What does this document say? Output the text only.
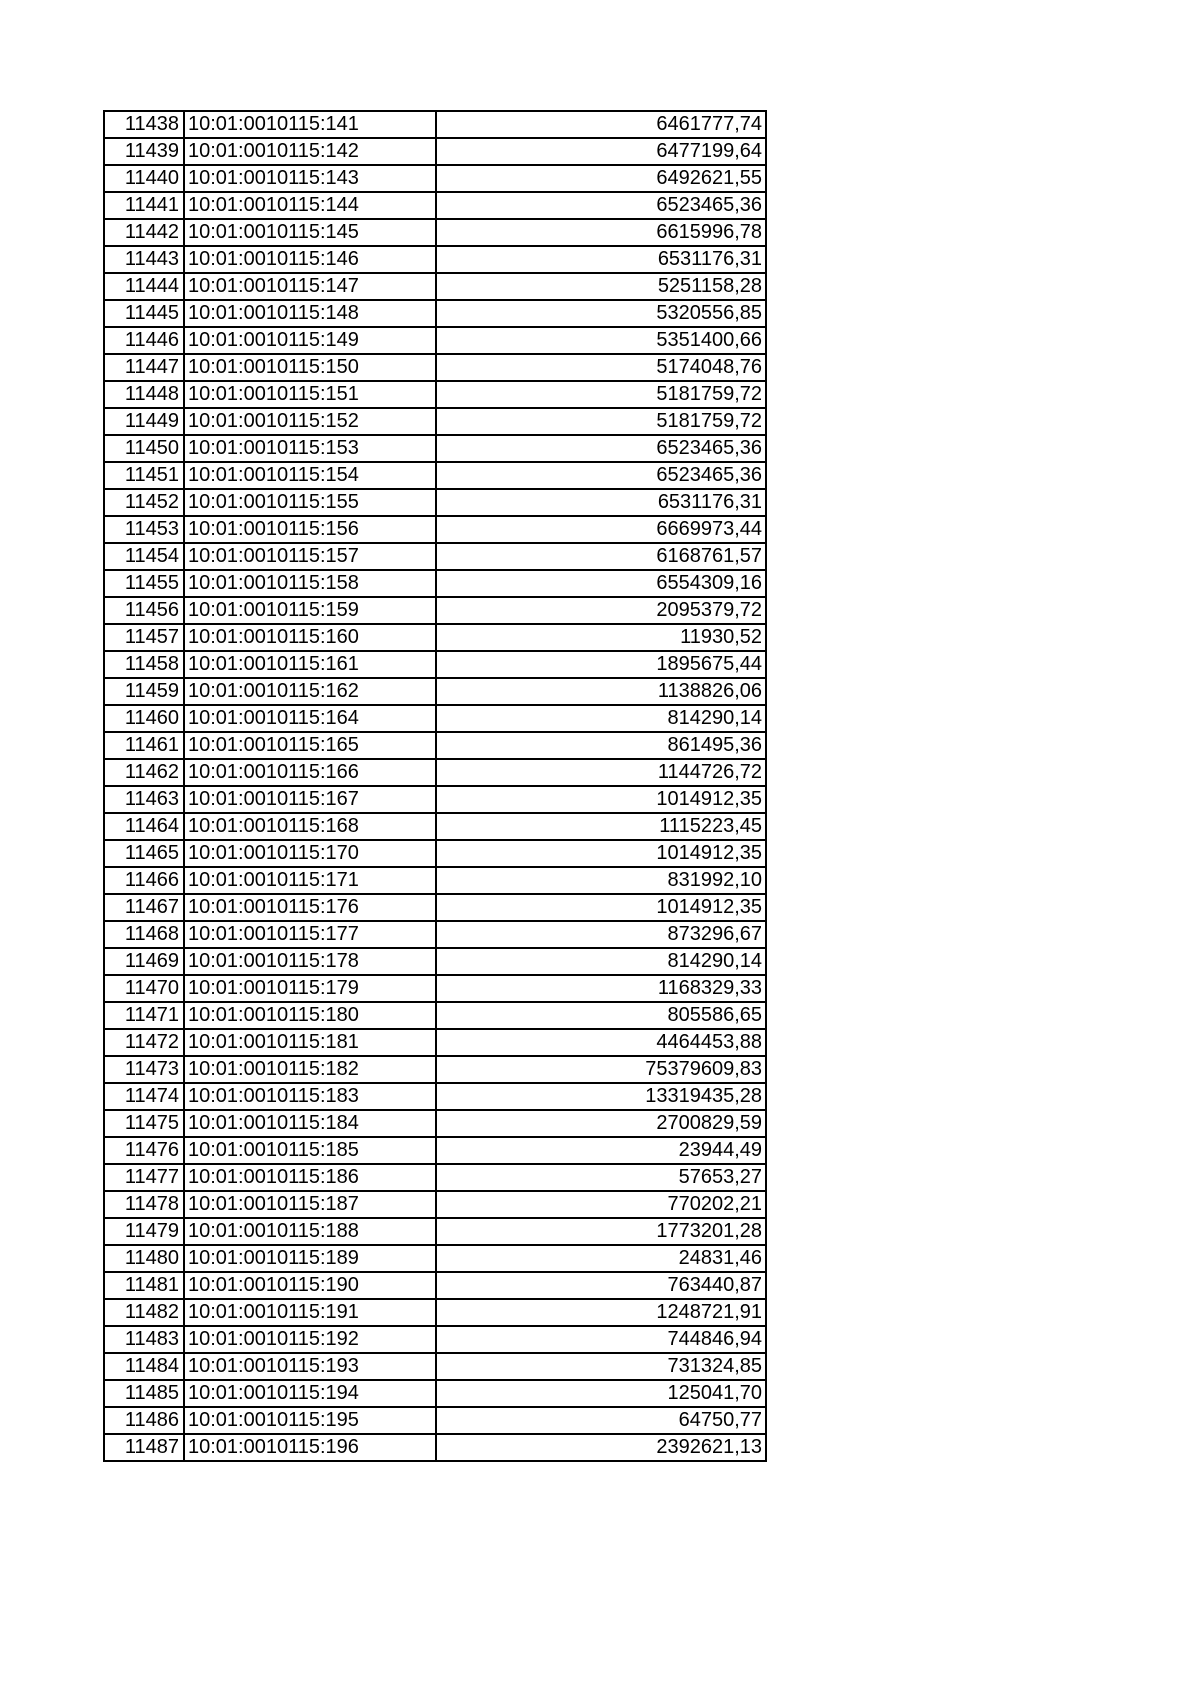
11438	10:01:0010115:141	6461777,74
11439	10:01:0010115:142	6477199,64
11440	10:01:0010115:143	6492621,55
11441	10:01:0010115:144	6523465,36
11442	10:01:0010115:145	6615996,78
11443	10:01:0010115:146	6531176,31
11444	10:01:0010115:147	5251158,28
11445	10:01:0010115:148	5320556,85
11446	10:01:0010115:149	5351400,66
11447	10:01:0010115:150	5174048,76
11448	10:01:0010115:151	5181759,72
11449	10:01:0010115:152	5181759,72
11450	10:01:0010115:153	6523465,36
11451	10:01:0010115:154	6523465,36
11452	10:01:0010115:155	6531176,31
11453	10:01:0010115:156	6669973,44
11454	10:01:0010115:157	6168761,57
11455	10:01:0010115:158	6554309,16
11456	10:01:0010115:159	2095379,72
11457	10:01:0010115:160	11930,52
11458	10:01:0010115:161	1895675,44
11459	10:01:0010115:162	1138826,06
11460	10:01:0010115:164	814290,14
11461	10:01:0010115:165	861495,36
11462	10:01:0010115:166	1144726,72
11463	10:01:0010115:167	1014912,35
11464	10:01:0010115:168	1115223,45
11465	10:01:0010115:170	1014912,35
11466	10:01:0010115:171	831992,10
11467	10:01:0010115:176	1014912,35
11468	10:01:0010115:177	873296,67
11469	10:01:0010115:178	814290,14
11470	10:01:0010115:179	1168329,33
11471	10:01:0010115:180	805586,65
11472	10:01:0010115:181	4464453,88
11473	10:01:0010115:182	75379609,83
11474	10:01:0010115:183	13319435,28
11475	10:01:0010115:184	2700829,59
11476	10:01:0010115:185	23944,49
11477	10:01:0010115:186	57653,27
11478	10:01:0010115:187	770202,21
11479	10:01:0010115:188	1773201,28
11480	10:01:0010115:189	24831,46
11481	10:01:0010115:190	763440,87
11482	10:01:0010115:191	1248721,91
11483	10:01:0010115:192	744846,94
11484	10:01:0010115:193	731324,85
11485	10:01:0010115:194	125041,70
11486	10:01:0010115:195	64750,77
11487	10:01:0010115:196	2392621,13
